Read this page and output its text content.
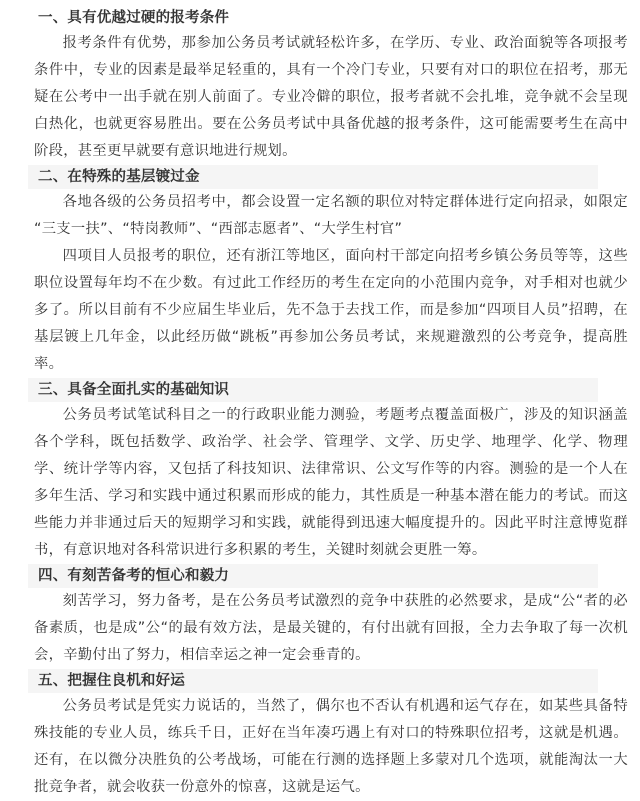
一、具有优越过硬的报考条件

报考条件有优势，那参加公务员考试就轻松许多，在学历、专业、政治面貌等各项报考条件中，专业的因素是最举足轻重的，具有一个冷门专业，只要有对口的职位在招考，那无疑在公考中一出手就在别人前面了。专业冷僻的职位，报考者就不会扎堆，竞争就不会呈现白热化，也就更容易胜出。要在公务员考试中具备优越的报考条件，这可能需要考生在高中阶段，甚至更早就要有意识地进行规划。

二、在特殊的基层镀过金

各地各级的公务员招考中，都会设置一定名额的职位对特定群体进行定向招录，如限定 “三支一扶”、“特岗教师”、“西部志愿者”、“大学生村官”

四项目人员报考的职位，还有浙江等地区，面向村干部定向招考乡镇公务员等等，这些职位设置每年均不在少数。有过此工作经历的考生在定向的小范围内竞争，对手相对也就少多了。所以目前有不少应届生毕业后，先不急于去找工作，而是参加“四项目人员”招聘，在基层镀上几年金，以此经历做“跳板”再参加公务员考试，来规避激烈的公考竞争，提高胜率。

三、具备全面扎实的基础知识

公务员考试笔试科目之一的行政职业能力测验，考题考点覆盖面极广，涉及的知识涵盖各个学科，既包括数学、政治学、社会学、管理学、文学、历史学、地理学、化学、物理学、统计学等内容，又包括了科技知识、法律常识、公文写作等的内容。测验的是一个人在多年生活、学习和实践中通过积累而形成的能力，其性质是一种基本潜在能力的考试。而这些能力并非通过后天的短期学习和实践，就能得到迅速大幅度提升的。因此平时注意博览群书，有意识地对各科常识进行多积累的考生，关键时刻就会更胜一筹。

四、有刻苦备考的恒心和毅力

刻苦学习，努力备考，是在公务员考试激烈的竞争中获胜的必然要求，是成“公“者的必备素质，也是成”公“的最有效方法，是最关键的，有付出就有回报，全力去争取了每一次机会，辛勤付出了努力，相信幸运之神一定会垂青的。

五、把握住良机和好运

公务员考试是凭实力说话的，当然了，偶尔也不否认有机遇和运气存在，如某些具备特殊技能的专业人员，练兵千日，正好在当年凑巧遇上有对口的特殊职位招考，这就是机遇。还有，在以微分决胜负的公考战场，可能在行测的选择题上多蒙对几个选项，就能淘汰一大批竞争者，就会收获一份意外的惊喜，这就是运气。
